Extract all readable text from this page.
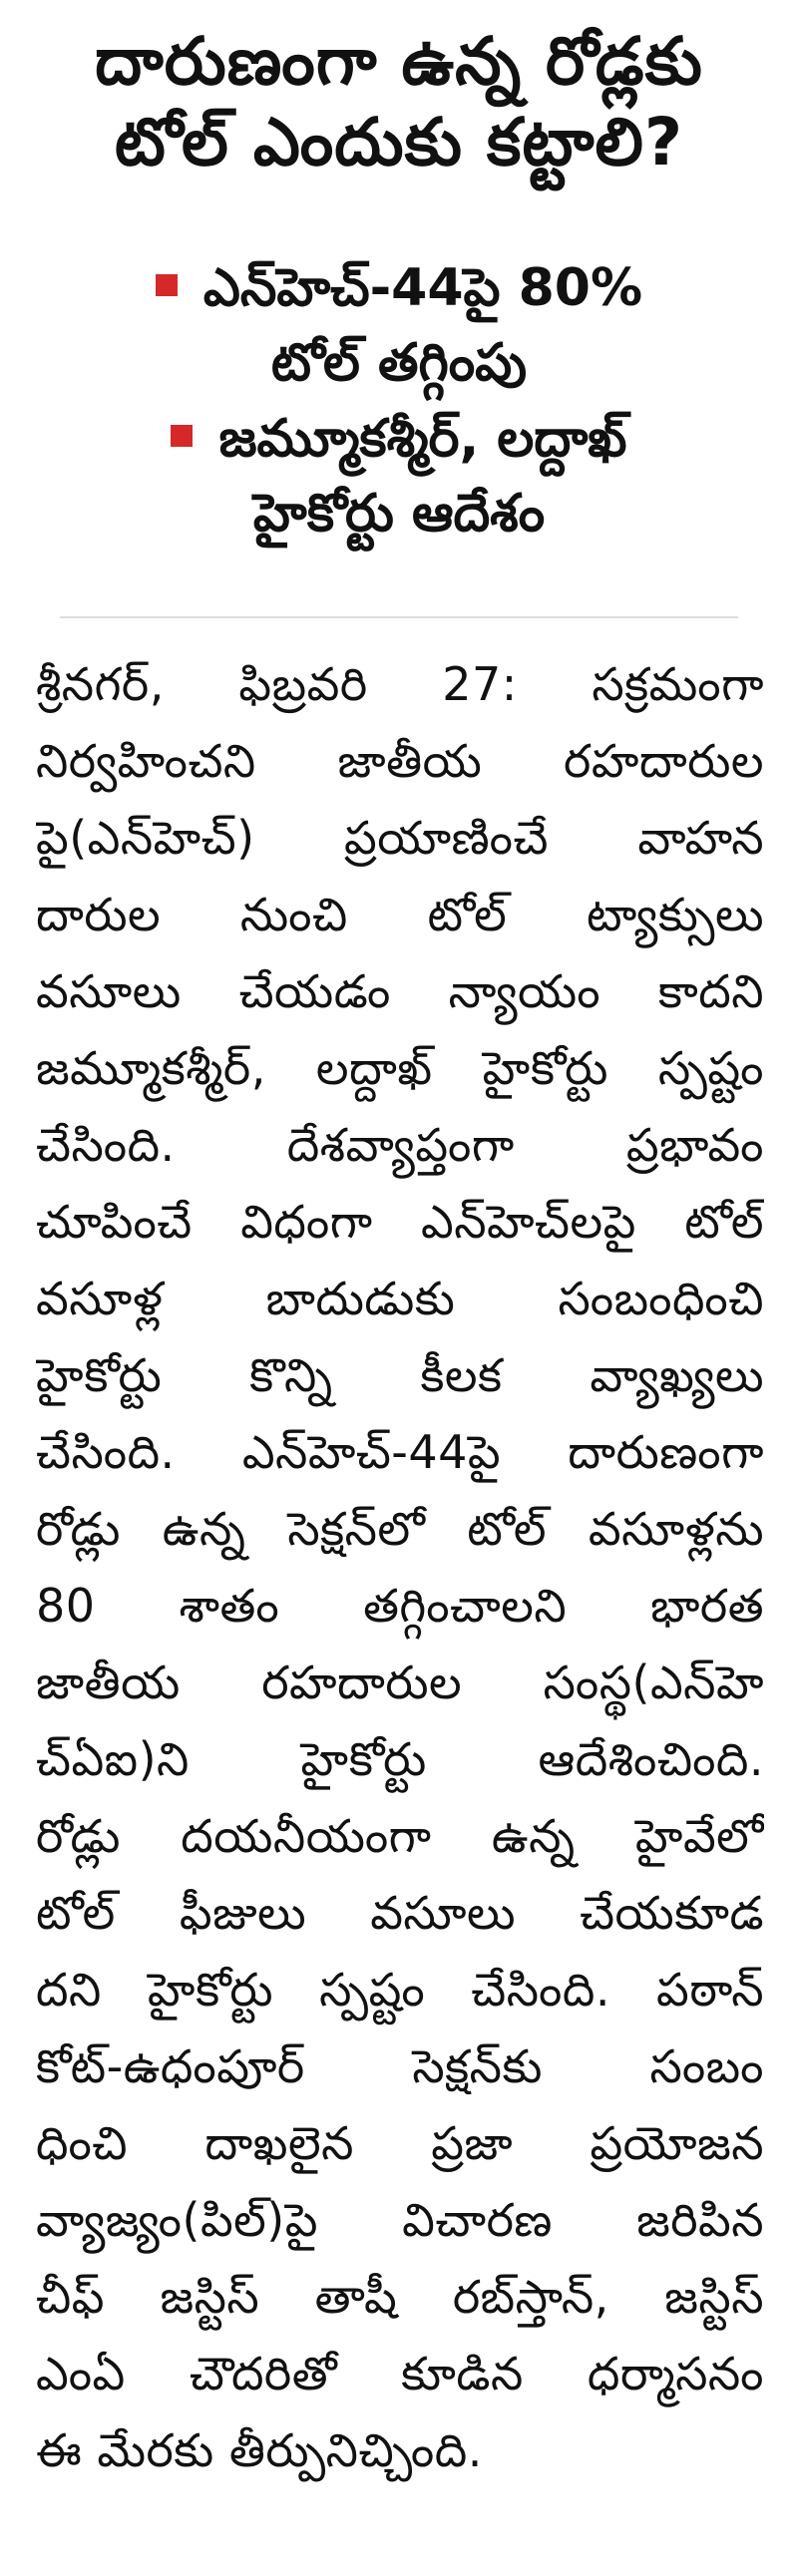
దారుణంగా ఉన్న రోడ్లకు
టోల్ ఎందుకు కట్టాలి?
ఎన్‌హెచ్-44పై 80%
టోల్ తగ్గింపు
జమ్మూకశ్మీర్, లద్దాఖ్
హైకోర్టు ఆదేశం
శ్రీనగర్, ఫిబ్రవరి 27: సక్రమంగా
నిర్వహించని జాతీయ రహదారుల
పై(ఎన్‌హెచ్) ప్రయాణించే వాహన
దారుల నుంచి టోల్ ట్యాక్సులు
వసూలు చేయడం న్యాయం కాదని
జమ్మూకశ్మీర్, లద్దాఖ్ హైకోర్టు స్పష్టం
చేసింది. దేశవ్యాప్తంగా ప్రభావం
చూపించే విధంగా ఎన్‌హెచ్‌లపై టోల్
వసూళ్ల బాదుడుకు సంబంధించి
హైకోర్టు కొన్ని కీలక వ్యాఖ్యలు
చేసింది. ఎన్‌హెచ్-44పై దారుణంగా
రోడ్లు ఉన్న సెక్షన్‌లో టోల్ వసూళ్లను
80 శాతం తగ్గించాలని భారత
జాతీయ రహదారుల సంస్థ(ఎన్‌హె
చ్‌ఏఐ)ని హైకోర్టు ఆదేశించింది.
రోడ్లు దయనీయంగా ఉన్న హైవేలో
టోల్ ఫీజులు వసూలు చేయకూడ
దని హైకోర్టు స్పష్టం చేసింది. పఠాన్
కోట్-ఉధంపూర్ సెక్షన్‌కు సంబం
ధించి దాఖలైన ప్రజా ప్రయోజన
వ్యాజ్యం(పిల్)పై విచారణ జరిపిన
చీఫ్ జస్టిస్ తాషీ రబ్‌స్తాన్, జస్టిస్
ఎంఏ చౌదరితో కూడిన ధర్మాసనం
ఈ మేరకు తీర్పునిచ్చింది.
